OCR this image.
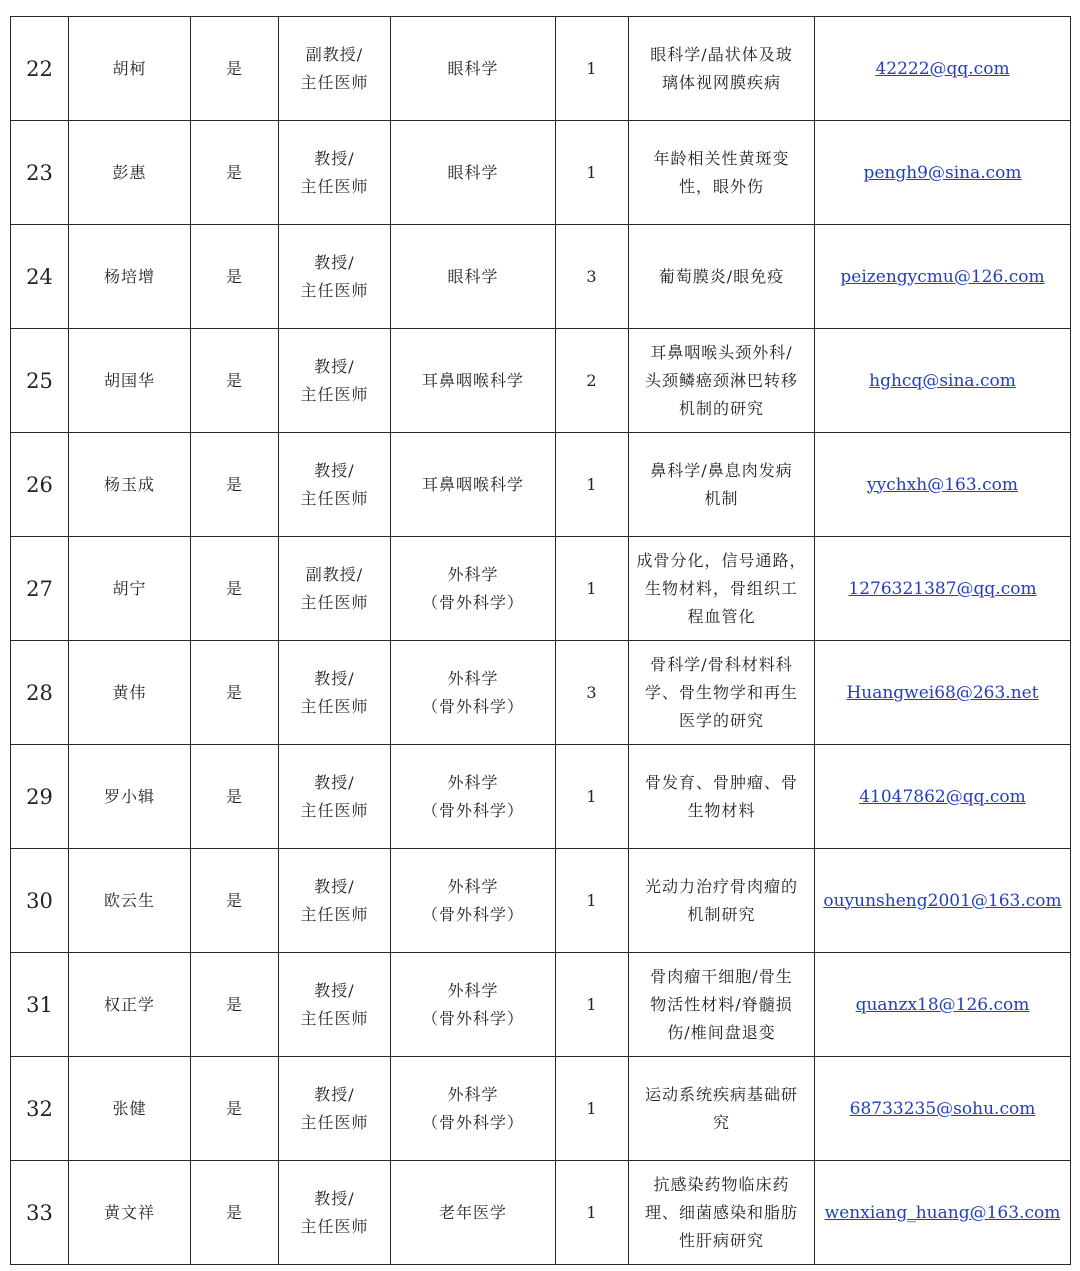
22	胡柯	是	副教授/
主任医师	眼科学	1	眼科学/晶状体及玻
璃体视网膜疾病	42222@qq.com
23	彭惠	是	教授/
主任医师	眼科学	1	年龄相关性黄斑变
性，眼外伤	pengh9@sina.com
24	杨培增	是	教授/
主任医师	眼科学	3	葡萄膜炎/眼免疫	peizengycmu@126.com
25	胡国华	是	教授/
主任医师	耳鼻咽喉科学	2	耳鼻咽喉头颈外科/
头颈鳞癌颈淋巴转移
机制的研究	hghcq@sina.com
26	杨玉成	是	教授/
主任医师	耳鼻咽喉科学	1	鼻科学/鼻息肉发病
机制	yychxh@163.com
27	胡宁	是	副教授/
主任医师	外科学
（骨外科学）	1	成骨分化，信号通路，
生物材料，骨组织工
程血管化	1276321387@qq.com
28	黄伟	是	教授/
主任医师	外科学
（骨外科学）	3	骨科学/骨科材料科
学、骨生物学和再生
医学的研究	Huangwei68@263.net
29	罗小辑	是	教授/
主任医师	外科学
（骨外科学）	1	骨发育、骨肿瘤、骨
生物材料	41047862@qq.com
30	欧云生	是	教授/
主任医师	外科学
（骨外科学）	1	光动力治疗骨肉瘤的
机制研究	ouyunsheng2001@163.com
31	权正学	是	教授/
主任医师	外科学
（骨外科学）	1	骨肉瘤干细胞/骨生
物活性材料/脊髓损
伤/椎间盘退变	quanzx18@126.com
32	张健	是	教授/
主任医师	外科学
（骨外科学）	1	运动系统疾病基础研
究	68733235@sohu.com
33	黄文祥	是	教授/
主任医师	老年医学	1	抗感染药物临床药
理、细菌感染和脂肪
性肝病研究	wenxiang_huang@163.com
